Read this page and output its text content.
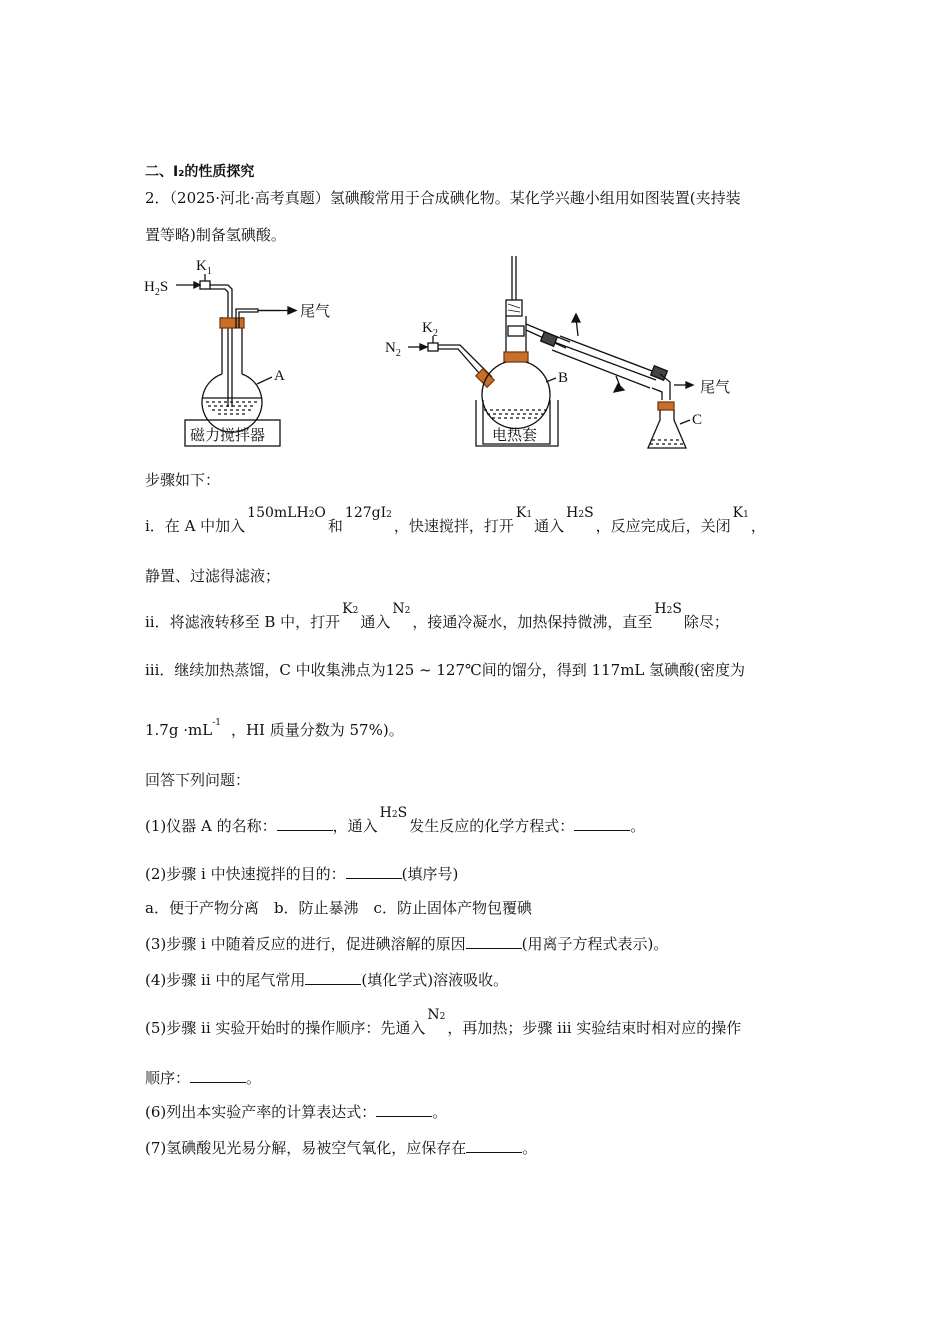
二、I₂的性质探究
2．（2025·河北·高考真题）氢碘酸常用于合成碘化物。某化学兴趣小组用如图装置(夹持装
置等略)制备氢碘酸。
$H_2S$
$K_1$
尾气
A
磁力搅拌器
$N_2$
$K_2$
B
电热套
尾气
C
步骤如下：
i．在 A 中加入150mLH2O和127gI2，快速搅拌，打开K1通入H2S，反应完成后，关闭K1，
静置、过滤得滤液；
ii．将滤液转移至 B 中，打开K2通入N2，接通冷凝水，加热保持微沸，直至H2S除尽；
iii．继续加热蒸馏，C 中收集沸点为125 ~ 127℃间的馏分，得到 117mL 氢碘酸(密度为
$1.7g \cdot mL^{-1}$ ，HI 质量分数为 57%)。
回答下列问题：
(1)仪器 A 的名称：	，通入H2S发生反应的化学方程式：	。
(2)步骤 i 中快速搅拌的目的：	(填序号)
a．便于产物分离　b．防止暴沸　c．防止固体产物包覆碘
(3)步骤 i 中随着反应的进行，促进碘溶解的原因	(用离子方程式表示)。
(4)步骤 ii 中的尾气常用	(填化学式)溶液吸收。
(5)步骤 ii 实验开始时的操作顺序：先通入N2，再加热；步骤 iii 实验结束时相对应的操作
顺序：	。
(6)列出本实验产率的计算表达式：	。
(7)氢碘酸见光易分解，易被空气氧化，应保存在	。
